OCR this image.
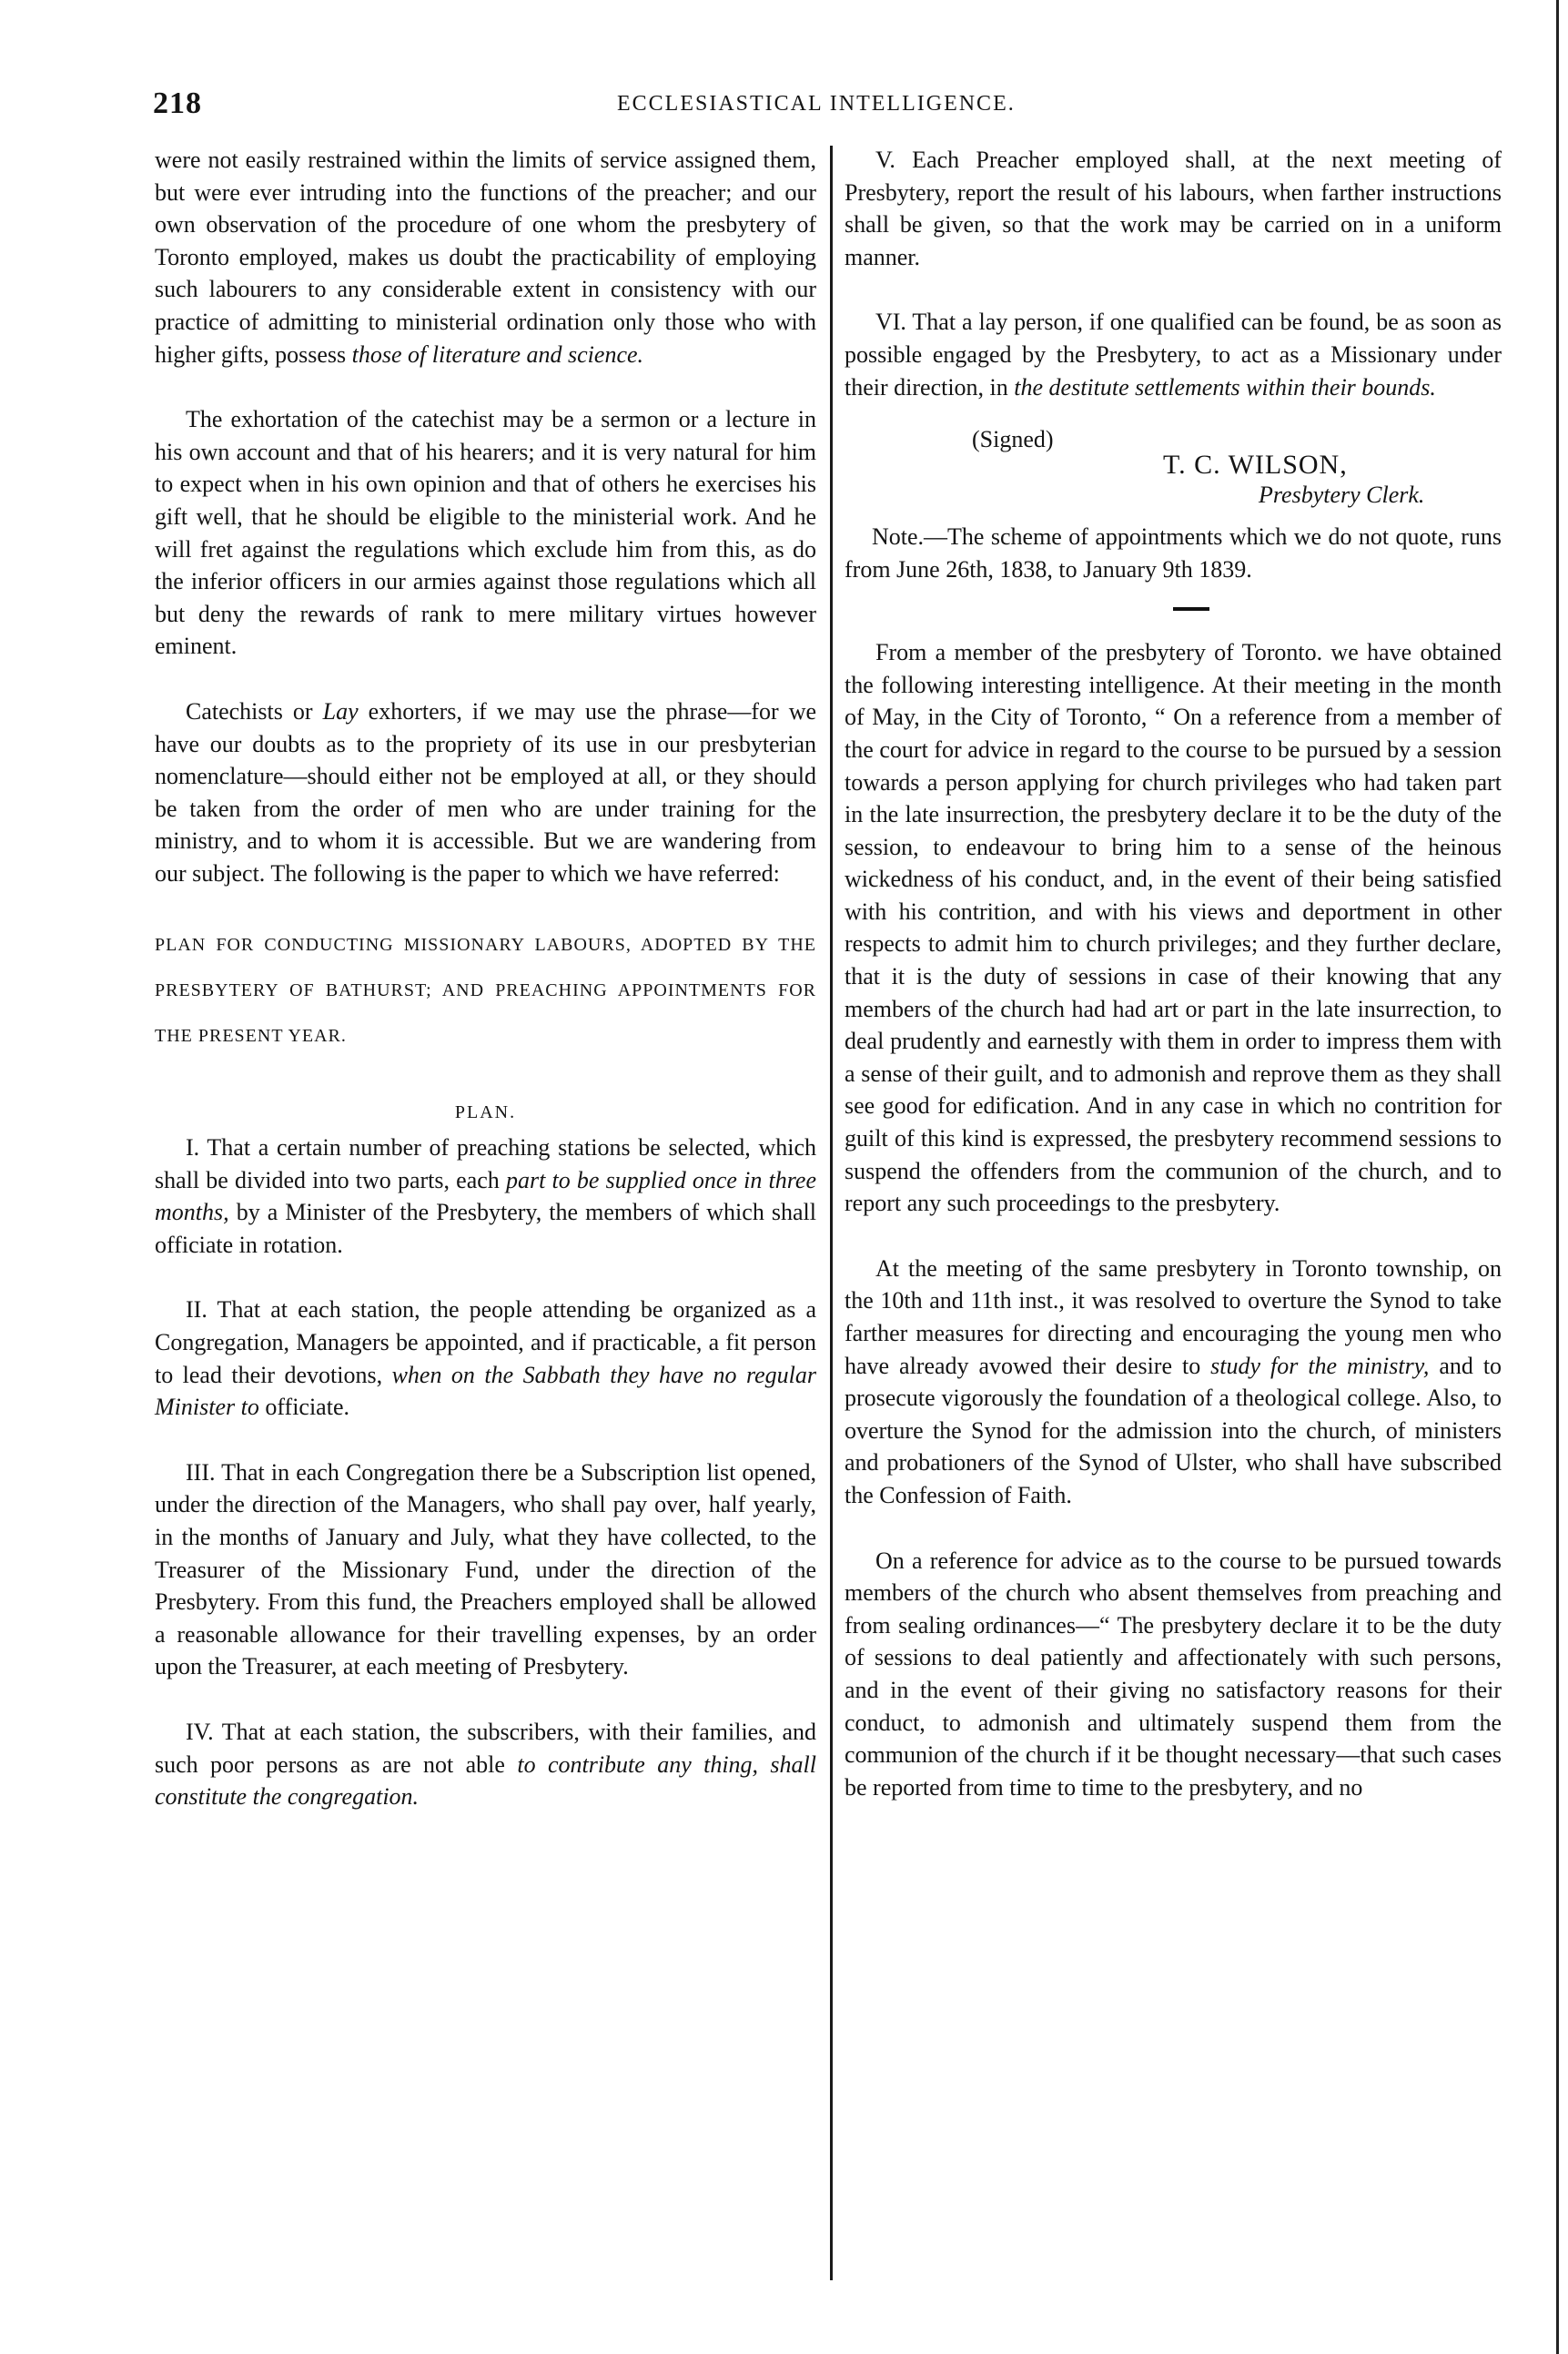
218	ECCLESIASTICAL INTELLIGENCE.

were not easily restrained within the limits of service assigned them, but were ever intruding into the functions of the preacher; and our own observation of the procedure of one whom the presbytery of Toronto employed, makes us doubt the practicability of employing such labourers to any considerable extent in consistency with our practice of admitting to ministerial ordination only those who with higher gifts, possess those of literature and science.

The exhortation of the catechist may be a sermon or a lecture in his own account and that of his hearers; and it is very natural for him to expect when in his own opinion and that of others he exercises his gift well, that he should be eligible to the ministerial work. And he will fret against the regulations which exclude him from this, as do the inferior officers in our armies against those regulations which all but deny the rewards of rank to mere military virtues however eminent.

Catechists or Lay exhorters, if we may use the phrase—for we have our doubts as to the propriety of its use in our presbyterian nomenclature—should either not be employed at all, or they should be taken from the order of men who are under training for the ministry, and to whom it is accessible. But we are wandering from our subject. The following is the paper to which we have referred:

PLAN FOR CONDUCTING MISSIONARY LABOURS, ADOPTED BY THE PRESBYTERY OF BATHURST; AND PREACHING APPOINTMENTS FOR THE PRESENT YEAR.

PLAN.

I. That a certain number of preaching stations be selected, which shall be divided into two parts, each part to be supplied once in three months, by a Minister of the Presbytery, the members of which shall officiate in rotation.

II. That at each station, the people attending be organized as a Congregation, Managers be appointed, and if practicable, a fit person to lead their devotions, when on the Sabbath they have no regular Minister to officiate.

III. That in each Congregation there be a Subscription list opened, under the direction of the Managers, who shall pay over, half yearly, in the months of January and July, what they have collected, to the Treasurer of the Missionary Fund, under the direction of the Presbytery. From this fund, the Preachers employed shall be allowed a reasonable allowance for their travelling expenses, by an order upon the Treasurer, at each meeting of Presbytery.

IV. That at each station, the subscribers, with their families, and such poor persons as are not able to contribute any thing, shall constitute the congregation.

V. Each Preacher employed shall, at the next meeting of Presbytery, report the result of his labours, when farther instructions shall be given, so that the work may be carried on in a uniform manner.

VI. That a lay person, if one qualified can be found, be as soon as possible engaged by the Presbytery, to act as a Missionary under their direction, in the destitute settlements within their bounds.

(Signed)

T. C. WILSON,

Presbytery Clerk.

Note.—The scheme of appointments which we do not quote, runs from June 26th, 1838, to January 9th 1839.

From a member of the presbytery of Toronto. we have obtained the following interesting intelligence. At their meeting in the month of May, in the City of Toronto, “ On a reference from a member of the court for advice in regard to the course to be pursued by a session towards a person applying for church privileges who had taken part in the late insurrection, the presbytery declare it to be the duty of the session, to endeavour to bring him to a sense of the heinous wickedness of his conduct, and, in the event of their being satisfied with his contrition, and with his views and deportment in other respects to admit him to church privileges; and they further declare, that it is the duty of sessions in case of their knowing that any members of the church had had art or part in the late insurrection, to deal prudently and earnestly with them in order to impress them with a sense of their guilt, and to admonish and reprove them as they shall see good for edification. And in any case in which no contrition for guilt of this kind is expressed, the presbytery recommend sessions to suspend the offenders from the communion of the church, and to report any such proceedings to the presbytery.

At the meeting of the same presbytery in Toronto township, on the 10th and 11th inst., it was resolved to overture the Synod to take farther measures for directing and encouraging the young men who have already avowed their desire to study for the ministry, and to prosecute vigorously the foundation of a theological college. Also, to overture the Synod for the admission into the church, of ministers and probationers of the Synod of Ulster, who shall have subscribed the Confession of Faith.

On a reference for advice as to the course to be pursued towards members of the church who absent themselves from preaching and from sealing ordinances—“ The presbytery declare it to be the duty of sessions to deal patiently and affectionately with such persons, and in the event of their giving no satisfactory reasons for their conduct, to admonish and ultimately suspend them from the communion of the church if it be thought necessary—that such cases be reported from time to time to the presbytery, and no
